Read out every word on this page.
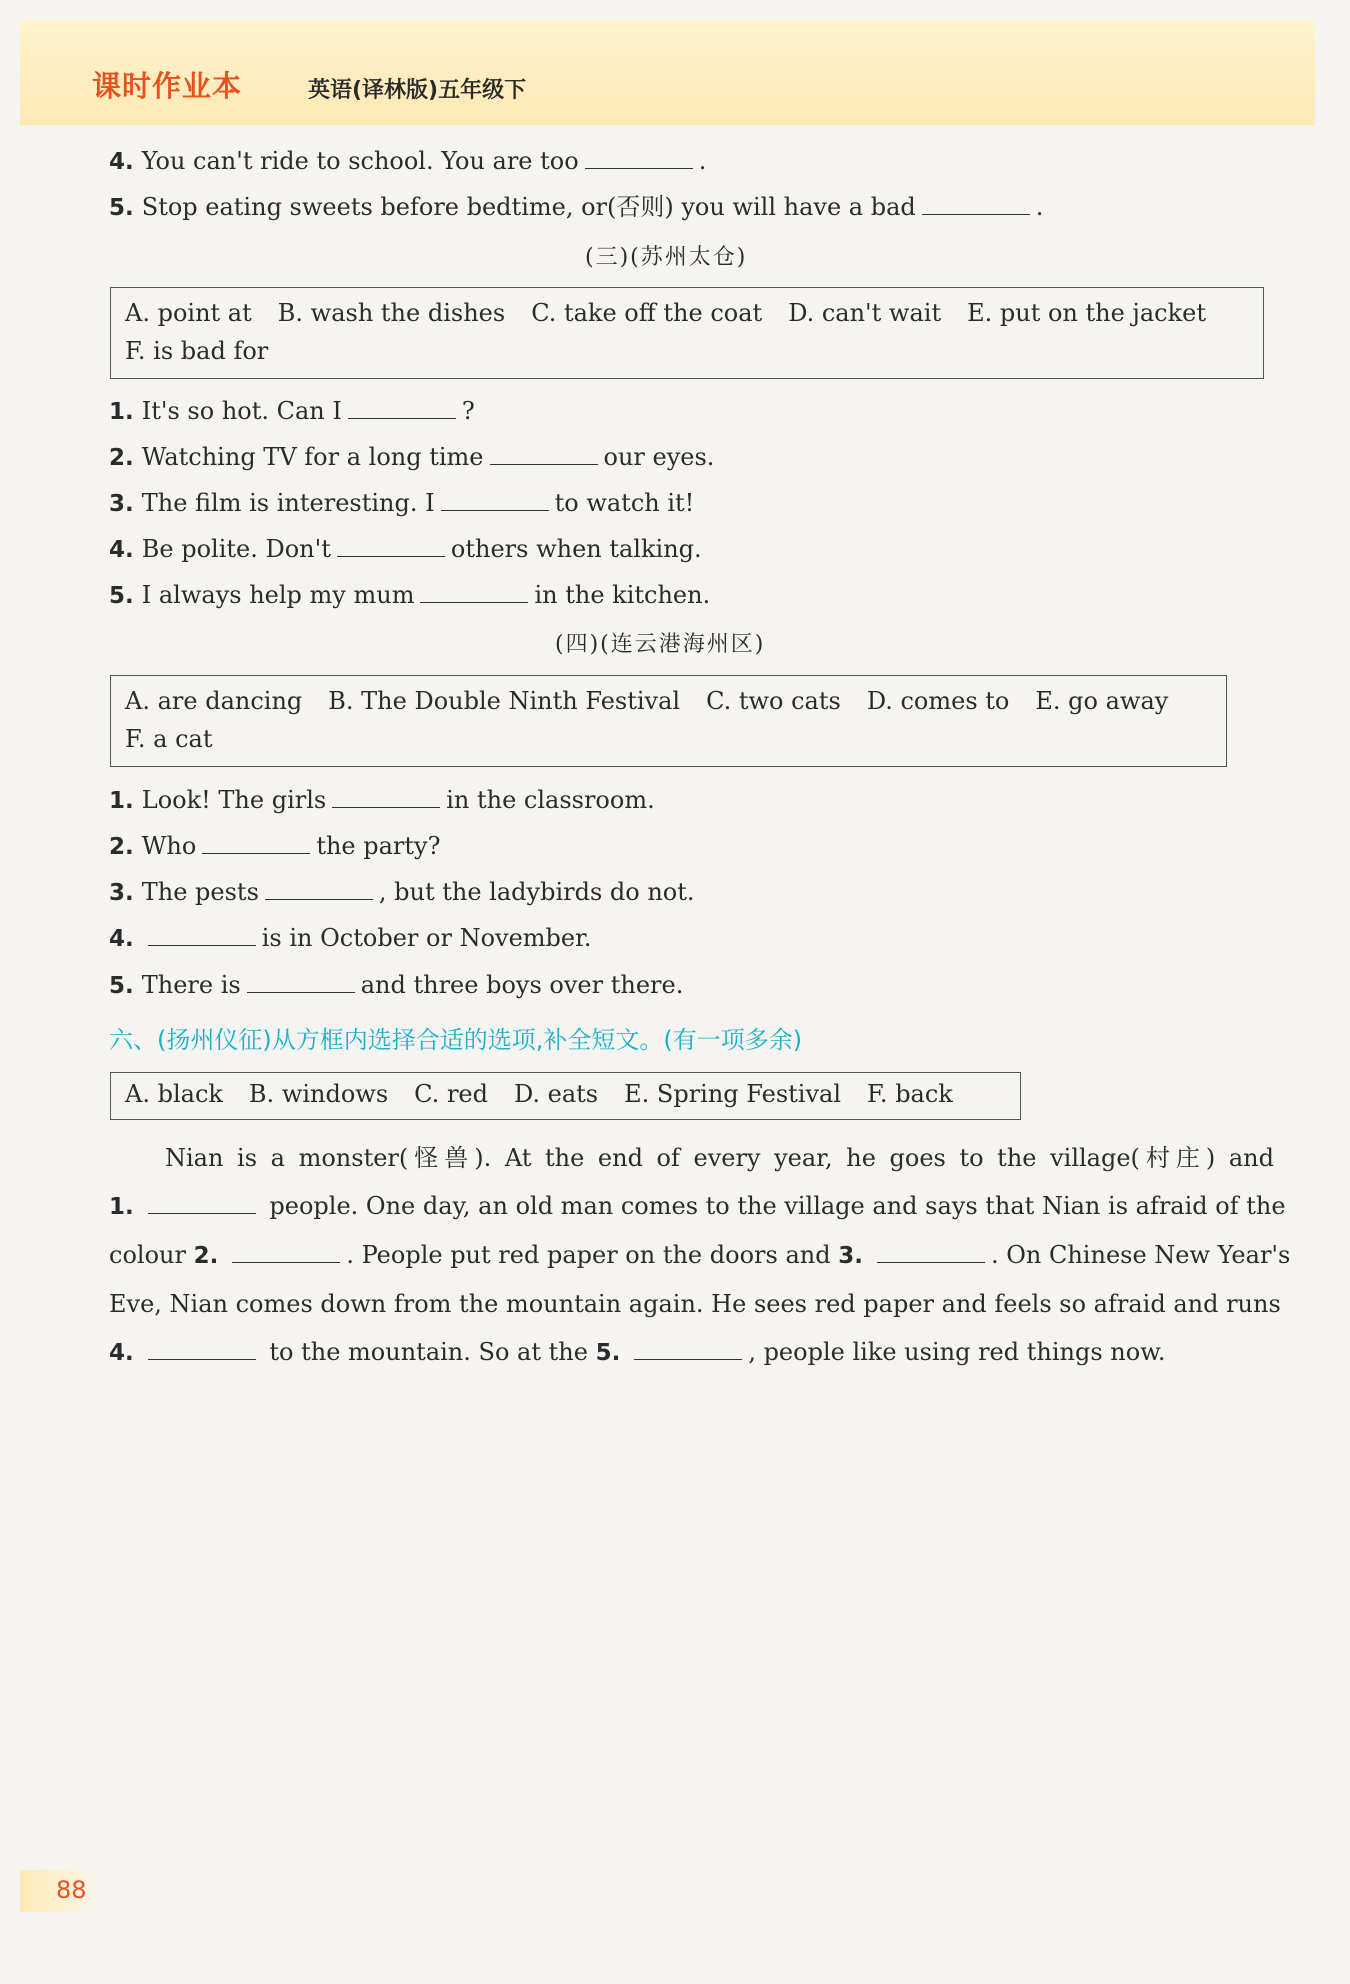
课时作业本	英语(译林版)五年级下
4. You can't ride to school. You are too	.
5. Stop eating sweets before bedtime, or(否则) you will have a bad	.
(三)(苏州太仓)
A. point at B. wash the dishes C. take off the coat D. can't wait E. put on the jacket
F. is bad for
1. It's so hot. Can I	?
2. Watching TV for a long time	our eyes.
3. The film is interesting. I	to watch it!
4. Be polite. Don't	others when talking.
5. I always help my mum	in the kitchen.
(四)(连云港海州区)
A. are dancing B. The Double Ninth Festival C. two cats D. comes to E. go away
F. a cat
1. Look! The girls	in the classroom.
2. Who	the party?
3. The pests	, but the ladybirds do not.
4.	is in October or November.
5. There is	and three boys over there.
六、(扬州仪征)从方框内选择合适的选项,补全短文。(有一项多余)
A. black B. windows C. red D. eats E. Spring Festival F. back
Nian is a monster(怪兽). At the end of every year, he goes to the village(村庄) and
1.	people. One day, an old man comes to the village and says that Nian is afraid of the
colour 2.	. People put red paper on the doors and 3.	. On Chinese New Year's
Eve, Nian comes down from the mountain again. He sees red paper and feels so afraid and runs
4.	to the mountain. So at the 5.	, people like using red things now.
88
